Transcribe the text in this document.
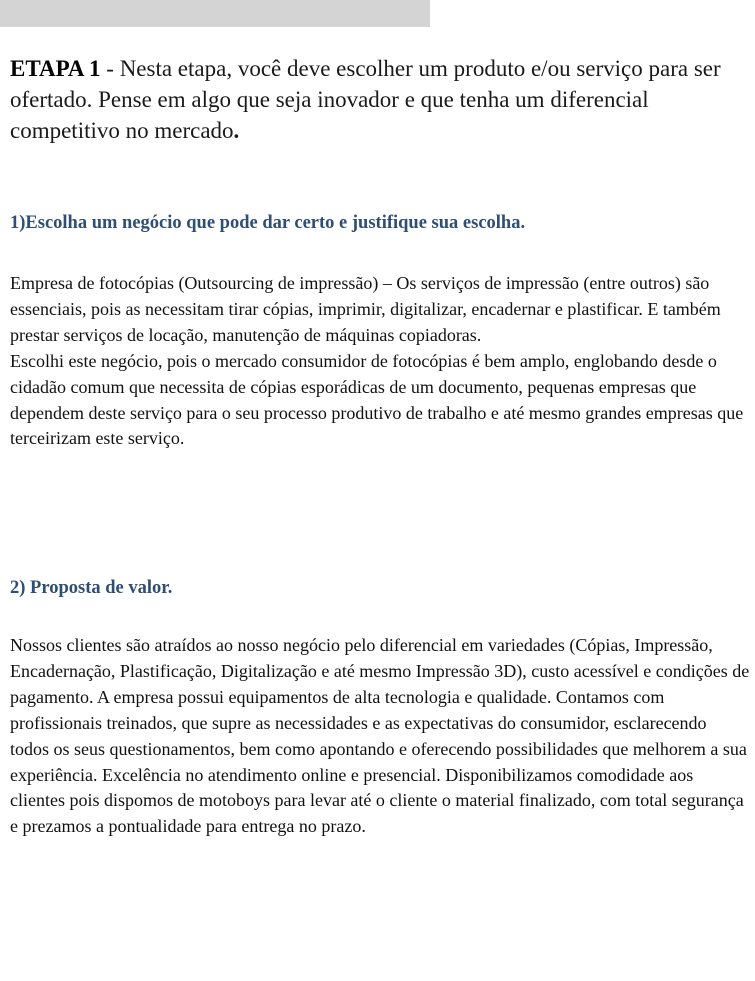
ETAPA 1 - Nesta etapa, você deve escolher um produto e/ou serviço para ser ofertado. Pense em algo que seja inovador e que tenha um diferencial competitivo no mercado.

1)Escolha um negócio que pode dar certo e justifique sua escolha.

Empresa de fotocópias (Outsourcing de impressão) – Os serviços de impressão (entre outros) são essenciais, pois as necessitam tirar cópias, imprimir, digitalizar, encadernar e plastificar. E também prestar serviços de locação, manutenção de máquinas copiadoras.
Escolhi este negócio, pois o mercado consumidor de fotocópias é bem amplo, englobando desde o cidadão comum que necessita de cópias esporádicas de um documento, pequenas empresas que dependem deste serviço para o seu processo produtivo de trabalho e até mesmo grandes empresas que terceirizam este serviço.

2) Proposta de valor.

Nossos clientes são atraídos ao nosso negócio pelo diferencial em variedades (Cópias, Impressão, Encadernação, Plastificação, Digitalização e até mesmo Impressão 3D), custo acessível e condições de pagamento. A empresa possui equipamentos de alta tecnologia e qualidade. Contamos com profissionais treinados, que supre as necessidades e as expectativas do consumidor, esclarecendo todos os seus questionamentos, bem como apontando e oferecendo possibilidades que melhorem a sua experiência. Excelência no atendimento online e presencial. Disponibilizamos comodidade aos clientes pois dispomos de motoboys para levar até o cliente o material finalizado, com total segurança e prezamos a pontualidade para entrega no prazo.
